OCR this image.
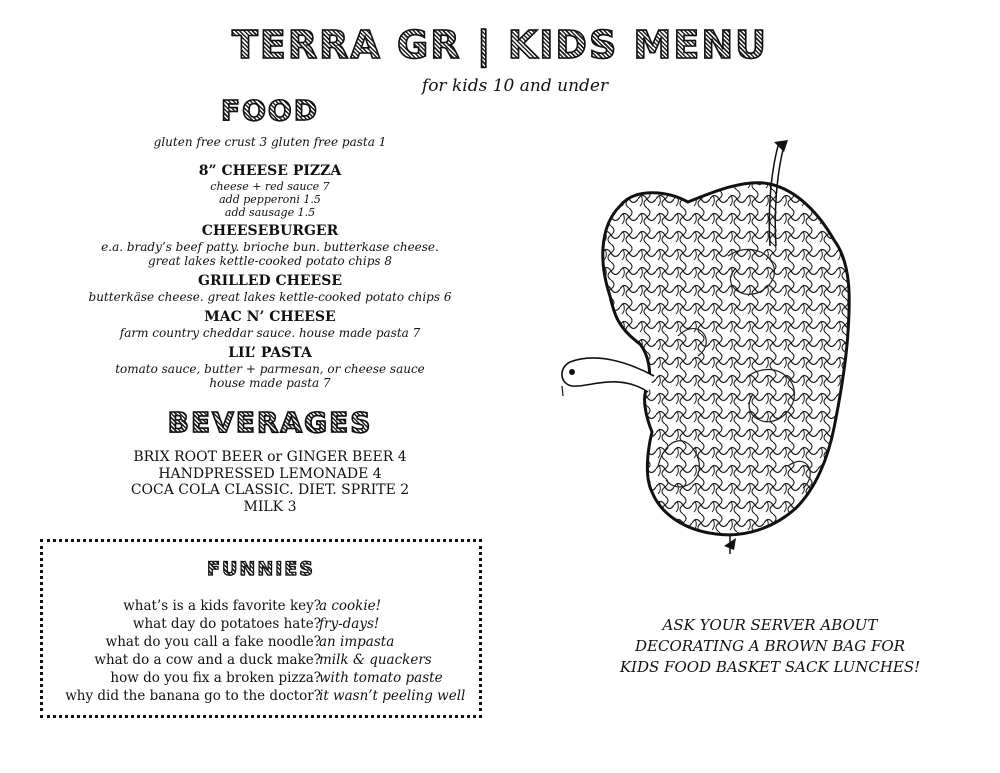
TERRA GR | KIDS MENU
for kids 10 and under
FOOD
gluten free crust 3 gluten free pasta 1
8” CHEESE PIZZA
cheese + red sauce 7
add pepperoni 1.5
add sausage 1.5
CHEESEBURGER
e.a. brady’s beef patty. brioche bun. butterkase cheese.
great lakes kettle-cooked potato chips 8
GRILLED CHEESE
butterkäse cheese. great lakes kettle-cooked potato chips 6
MAC N’ CHEESE
farm country cheddar sauce. house made pasta 7
LIL’ PASTA
tomato sauce, butter + parmesan, or cheese sauce
house made pasta 7
BEVERAGES
BRIX ROOT BEER or GINGER BEER 4
HANDPRESSED LEMONADE 4
COCA COLA CLASSIC. DIET. SPRITE 2
MILK 3
FUNNIES
what’s is a kids favorite key?
a cookie!
what day do potatoes hate?
fry-days!
what do you call a fake noodle?
an impasta
what do a cow and a duck make?
milk & quackers
how do you fix a broken pizza?
with tomato paste
why did the banana go to the doctor?
it wasn’t peeling well
ASK YOUR SERVER ABOUT
DECORATING A BROWN BAG FOR
KIDS FOOD BASKET SACK LUNCHES!
